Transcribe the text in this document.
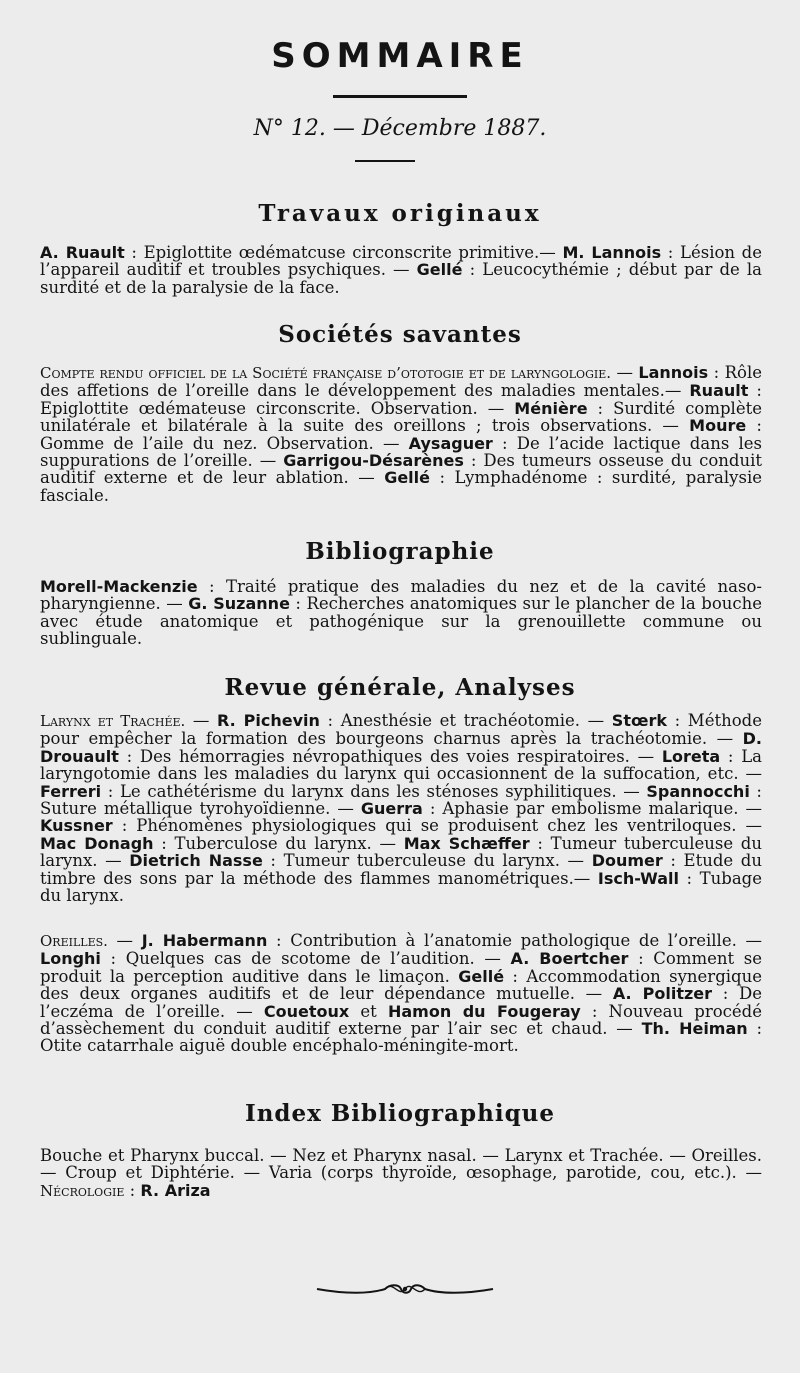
SOMMAIRE
N° 12. — Décembre 1887.
Travaux originaux

A. Ruault : Epiglottite œdématcuse circonscrite primitive.— M. Lannois : Lésion de l’appareil auditif et troubles psychiques. — Gellé : Leucocythémie ; début par de la surdité et de la paralysie de la face.

Sociétés savantes

Compte rendu officiel de la Société française d’ototogie et de laryngologie. — Lannois : Rôle des affetions de l’oreille dans le développement des maladies mentales.— Ruault : Epiglottite œdémateuse circonscrite. Observation. — Ménière : Surdité complète unilatérale et bilatérale à la suite des oreillons ; trois observations. — Moure : Gomme de l’aile du nez. Observation. — Aysaguer : De l’acide lactique dans les suppurations de l’oreille. — Garrigou-Désarènes : Des tumeurs osseuse du conduit auditif externe et de leur ablation. — Gellé : Lymphadénome : surdité, paralysie fasciale.

Bibliographie

Morell-Mackenzie : Traité pratique des maladies du nez et de la cavité naso-pharyngienne. — G. Suzanne : Recherches anatomiques sur le plancher de la bouche avec étude anatomique et pathogénique sur la grenouillette commune ou sublinguale.

Revue générale, Analyses

Larynx et Trachée. — R. Pichevin : Anesthésie et trachéotomie. — Stœrk : Méthode pour empêcher la formation des bourgeons charnus après la trachéotomie. — D. Drouault : Des hémorragies névropathiques des voies respiratoires. — Loreta : La laryngotomie dans les maladies du larynx qui occasionnent de la suffocation, etc. — Ferreri : Le cathétérisme du larynx dans les sténoses syphilitiques. — Spannocchi : Suture métallique tyrohyoïdienne. — Guerra : Aphasie par embolisme malarique. — Kussner : Phénomènes physiologiques qui se produisent chez les ventriloques. — Mac Donagh : Tuberculose du larynx. — Max Schæffer : Tumeur tuberculeuse du larynx. — Dietrich Nasse : Tumeur tuberculeuse du larynx. — Doumer : Etude du timbre des sons par la méthode des flammes manométriques.— Isch-Wall : Tubage du larynx.

Oreilles. — J. Habermann : Contribution à l’anatomie pathologique de l’oreille. — Longhi : Quelques cas de scotome de l’audition. — A. Boertcher : Comment se produit la perception auditive dans le limaçon. Gellé : Accommodation synergique des deux organes auditifs et de leur dépendance mutuelle. — A. Politzer : De l’eczéma de l’oreille. — Couetoux et Hamon du Fougeray : Nouveau procédé d’assèchement du conduit auditif externe par l’air sec et chaud. — Th. Heiman : Otite catarrhale aiguë double encéphalo-méningite-mort.

Index Bibliographique

Bouche et Pharynx buccal. — Nez et Pharynx nasal. — Larynx et Trachée. — Oreilles.— Croup et Diphtérie. — Varia (corps thyroïde, œsophage, parotide, cou, etc.). — Nécrologie : R. Ariza
